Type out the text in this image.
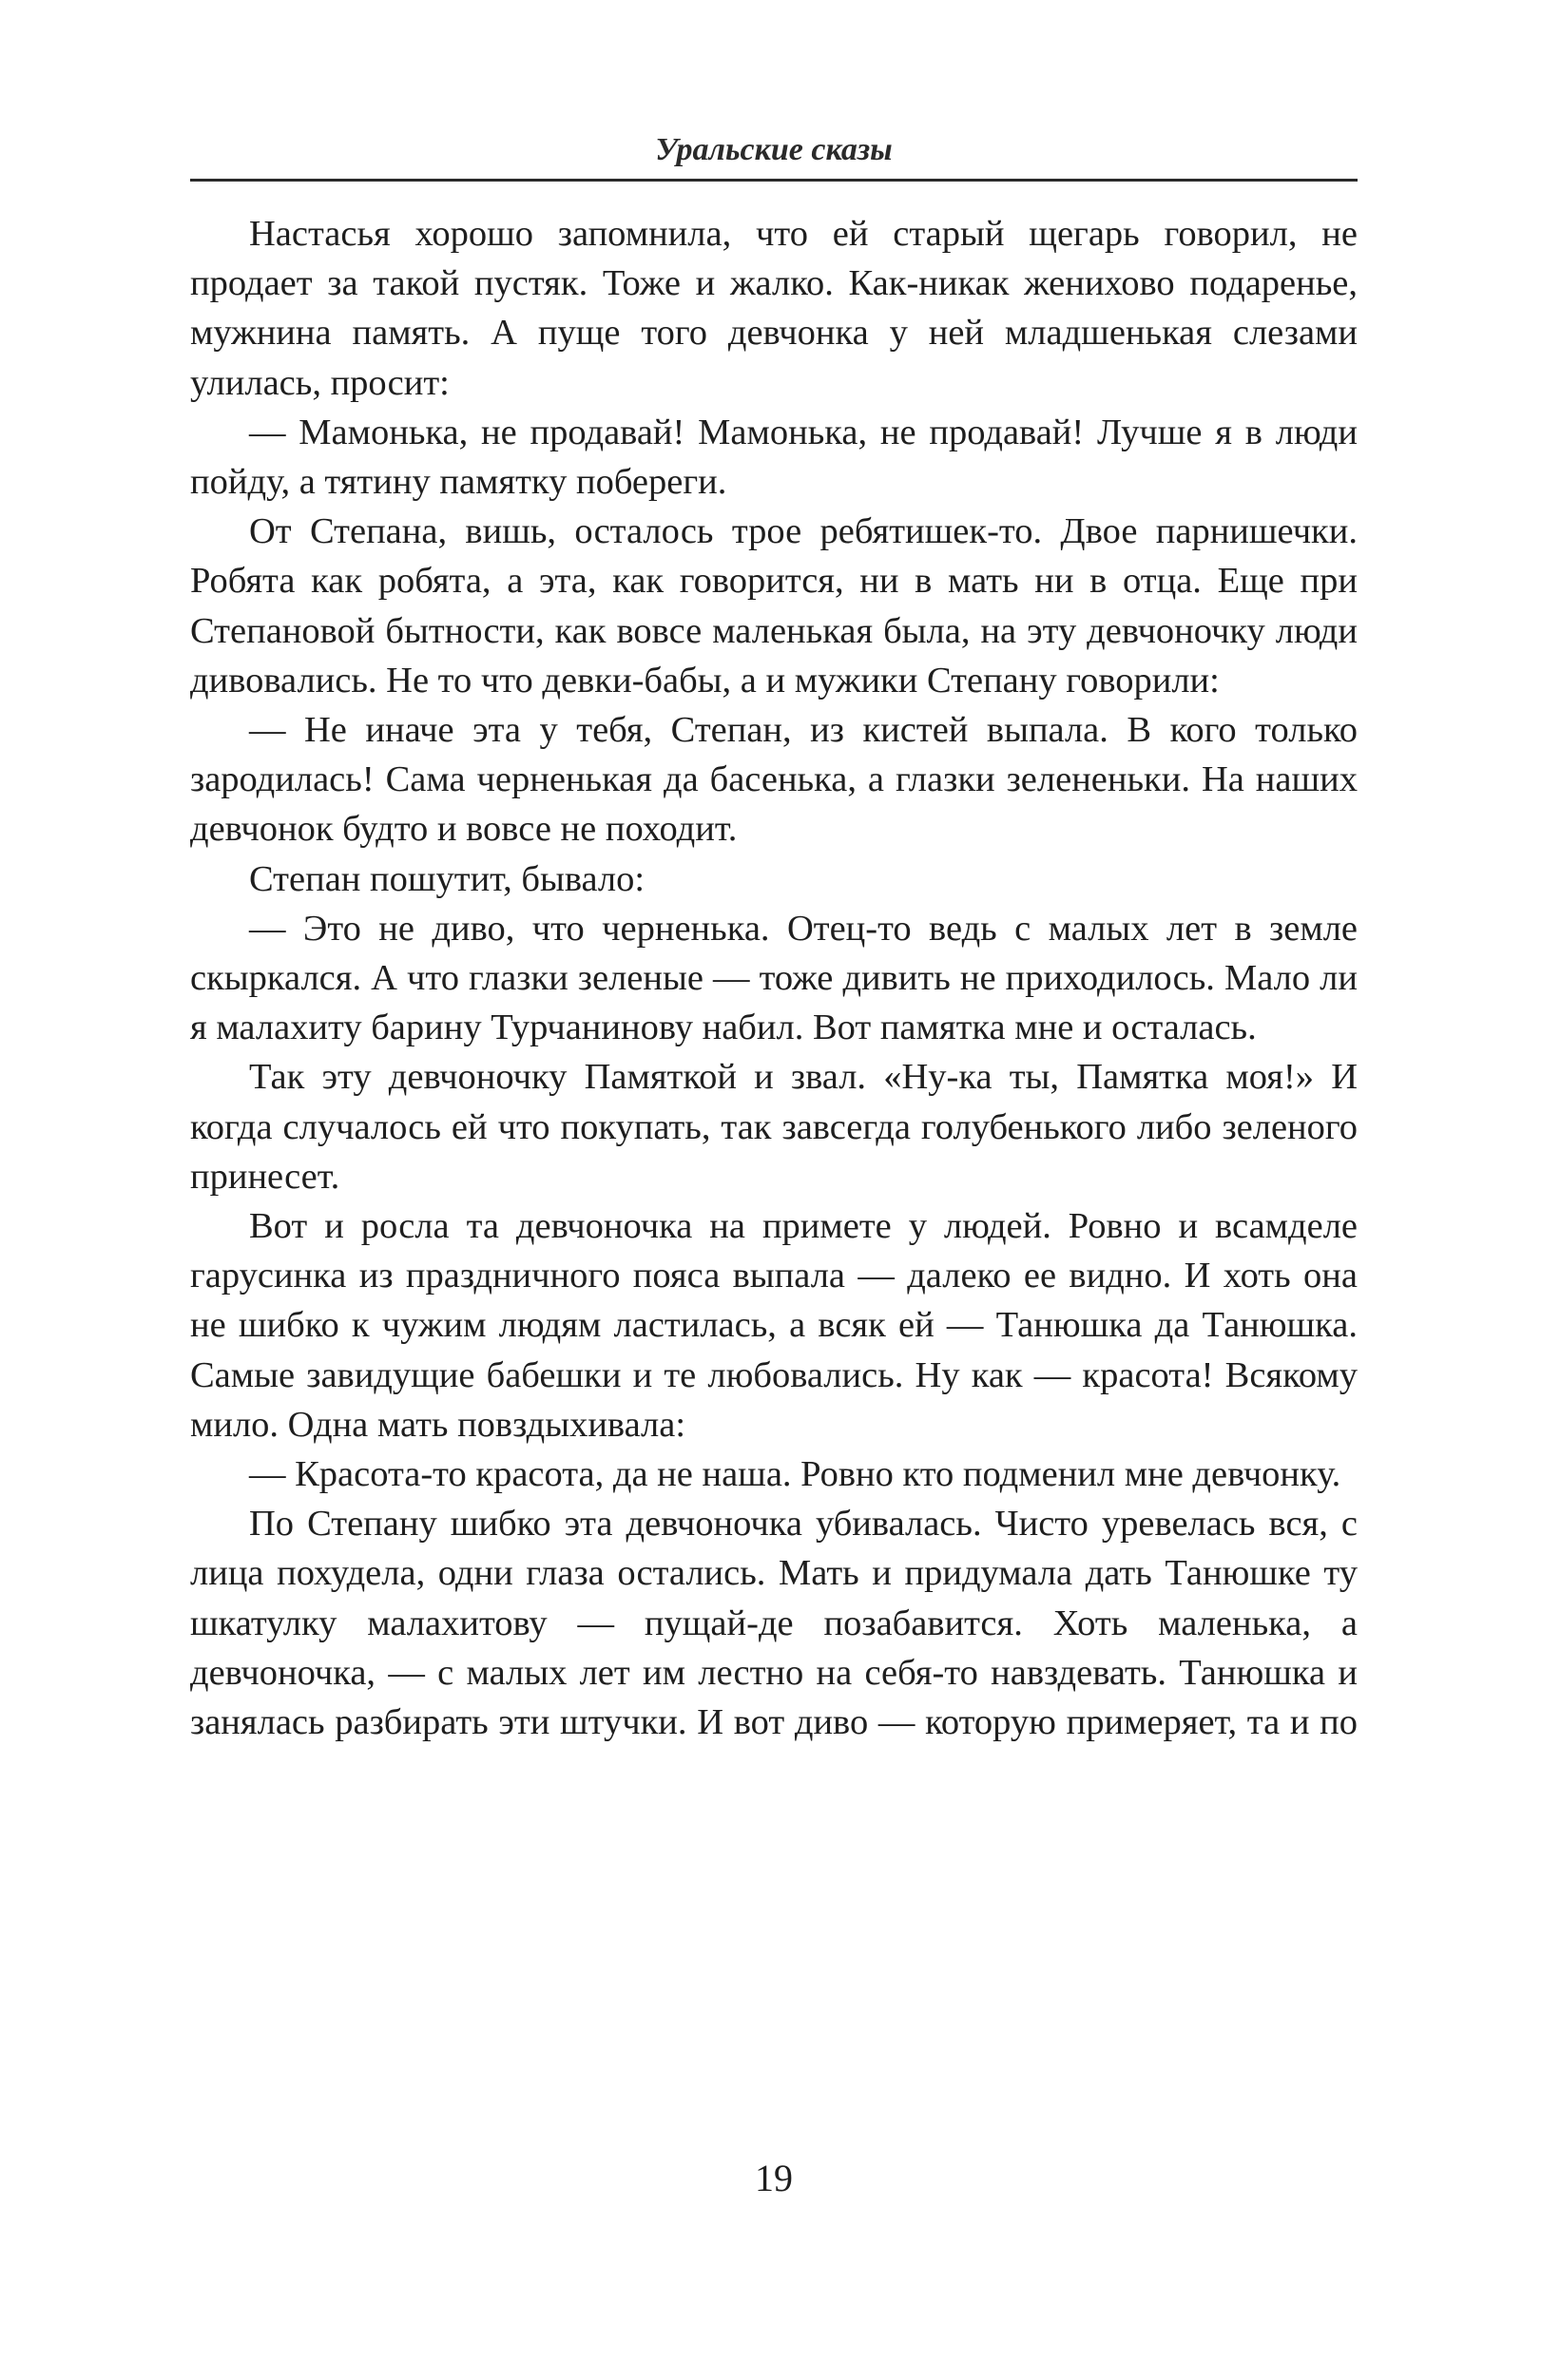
Уральские сказы

Настасья хорошо запомнила, что ей старый щегарь говорил, не продает за такой пустяк. Тоже и жалко. Как-никак женихово подаренье, мужнина память. А пуще того девчонка у ней младшенькая слезами улилась, просит:

— Мамонька, не продавай! Мамонька, не продавай! Лучше я в люди пойду, а тятину памятку побереги.

От Степана, вишь, осталось трое ребятишек-то. Двое парнишечки. Робята как робята, а эта, как говорится, ни в мать ни в отца. Еще при Степановой бытности, как вовсе маленькая была, на эту девчоночку люди дивовались. Не то что девки-бабы, а и мужики Степану говорили:

— Не иначе эта у тебя, Степан, из кистей выпала. В кого только зародилась! Сама черненькая да басенька, а глазки зелененьки. На наших девчонок будто и вовсе не походит.

Степан пошутит, бывало:

— Это не диво, что черненька. Отец-то ведь с малых лет в земле скыркался. А что глазки зеленые — тоже дивить не приходилось. Мало ли я малахиту барину Турчанинову набил. Вот памятка мне и осталась.

Так эту девчоночку Памяткой и звал. «Ну-ка ты, Памятка моя!» И когда случалось ей что покупать, так завсегда голубенького либо зеленого принесет.

Вот и росла та девчоночка на примете у людей. Ровно и всамделе гарусинка из праздничного пояса выпала — далеко ее видно. И хоть она не шибко к чужим людям ластилась, а всяк ей — Танюшка да Танюшка. Самые завидущие бабешки и те любовались. Ну как — красота! Всякому мило. Одна мать повздыхивала:

— Красота-то красота, да не наша. Ровно кто подменил мне девчонку.

По Степану шибко эта девчоночка убивалась. Чисто уревелась вся, с лица похудела, одни глаза остались. Мать и придумала дать Танюшке ту шкатулку малахитову — пущай-де позабавится. Хоть маленька, а девчоночка, — с малых лет им лестно на себя-то навздевать. Танюшка и занялась разбирать эти штучки. И вот диво — которую примеряет, та и по

19
